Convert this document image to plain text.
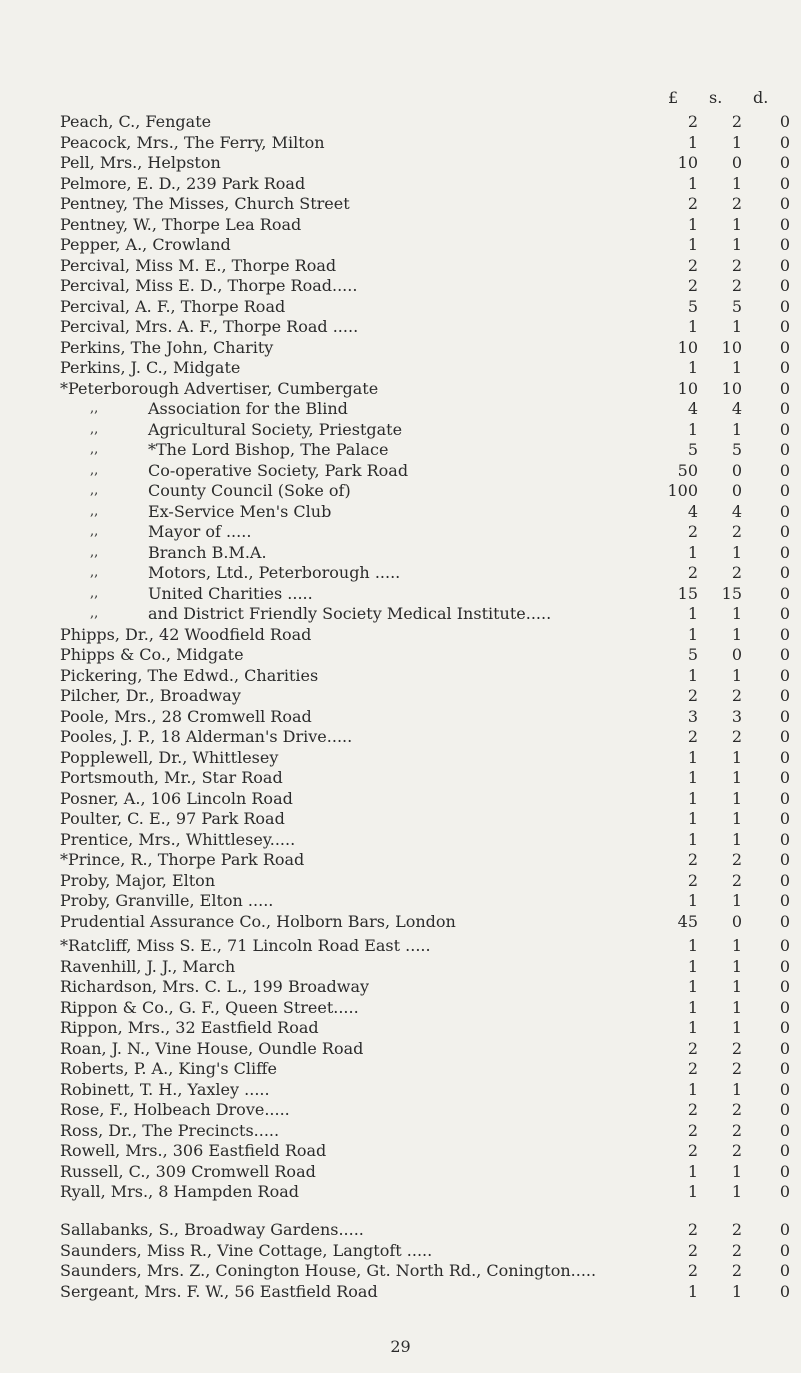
£ s. d.
Peach, C., Fengate	2	2	0
Peacock, Mrs., The Ferry, Milton	1	1	0
Pell, Mrs., Helpston	10	0	0
Pelmore, E. D., 239 Park Road	1	1	0
Pentney, The Misses, Church Street	2	2	0
Pentney, W., Thorpe Lea Road	1	1	0
Pepper, A., Crowland	1	1	0
Percival, Miss M. E., Thorpe Road	2	2	0
Percival, Miss E. D., Thorpe Road.....	2	2	0
Percival, A. F., Thorpe Road	5	5	0
Percival, Mrs. A. F., Thorpe Road .....	1	1	0
Perkins, The John, Charity	10	10	0
Perkins, J. C., Midgate	1	1	0
*Peterborough Advertiser, Cumbergate	10	10	0
,,	Association for the Blind	4	4	0
,,	Agricultural Society, Priestgate	1	1	0
,,	*The Lord Bishop, The Palace	5	5	0
,,	Co-operative Society, Park Road	50	0	0
,,	County Council (Soke of)	100	0	0
,,	Ex-Service Men's Club	4	4	0
,,	Mayor of .....	2	2	0
,,	Branch B.M.A.	1	1	0
,,	Motors, Ltd., Peterborough .....	2	2	0
,,	United Charities .....	15	15	0
,,	and District Friendly Society Medical Institute.....	1	1	0
Phipps, Dr., 42 Woodfield Road	1	1	0
Phipps & Co., Midgate	5	0	0
Pickering, The Edwd., Charities	1	1	0
Pilcher, Dr., Broadway	2	2	0
Poole, Mrs., 28 Cromwell Road	3	3	0
Pooles, J. P., 18 Alderman's Drive.....	2	2	0
Popplewell, Dr., Whittlesey	1	1	0
Portsmouth, Mr., Star Road	1	1	0
Posner, A., 106 Lincoln Road	1	1	0
Poulter, C. E., 97 Park Road	1	1	0
Prentice, Mrs., Whittlesey.....	1	1	0
*Prince, R., Thorpe Park Road	2	2	0
Proby, Major, Elton	2	2	0
Proby, Granville, Elton .....	1	1	0
Prudential Assurance Co., Holborn Bars, London	45	0	0
*Ratcliff, Miss S. E., 71 Lincoln Road East .....	1	1	0
Ravenhill, J. J., March	1	1	0
Richardson, Mrs. C. L., 199 Broadway	1	1	0
Rippon & Co., G. F., Queen Street.....	1	1	0
Rippon, Mrs., 32 Eastfield Road	1	1	0
Roan, J. N., Vine House, Oundle Road	2	2	0
Roberts, P. A., King's Cliffe	2	2	0
Robinett, T. H., Yaxley .....	1	1	0
Rose, F., Holbeach Drove.....	2	2	0
Ross, Dr., The Precincts.....	2	2	0
Rowell, Mrs., 306 Eastfield Road	2	2	0
Russell, C., 309 Cromwell Road	1	1	0
Ryall, Mrs., 8 Hampden Road	1	1	0
Sallabanks, S., Broadway Gardens.....	2	2	0
Saunders, Miss R., Vine Cottage, Langtoft .....	2	2	0
Saunders, Mrs. Z., Conington House, Gt. North Rd., Conington.....	2	2	0
Sergeant, Mrs. F. W., 56 Eastfield Road	1	1	0
29
